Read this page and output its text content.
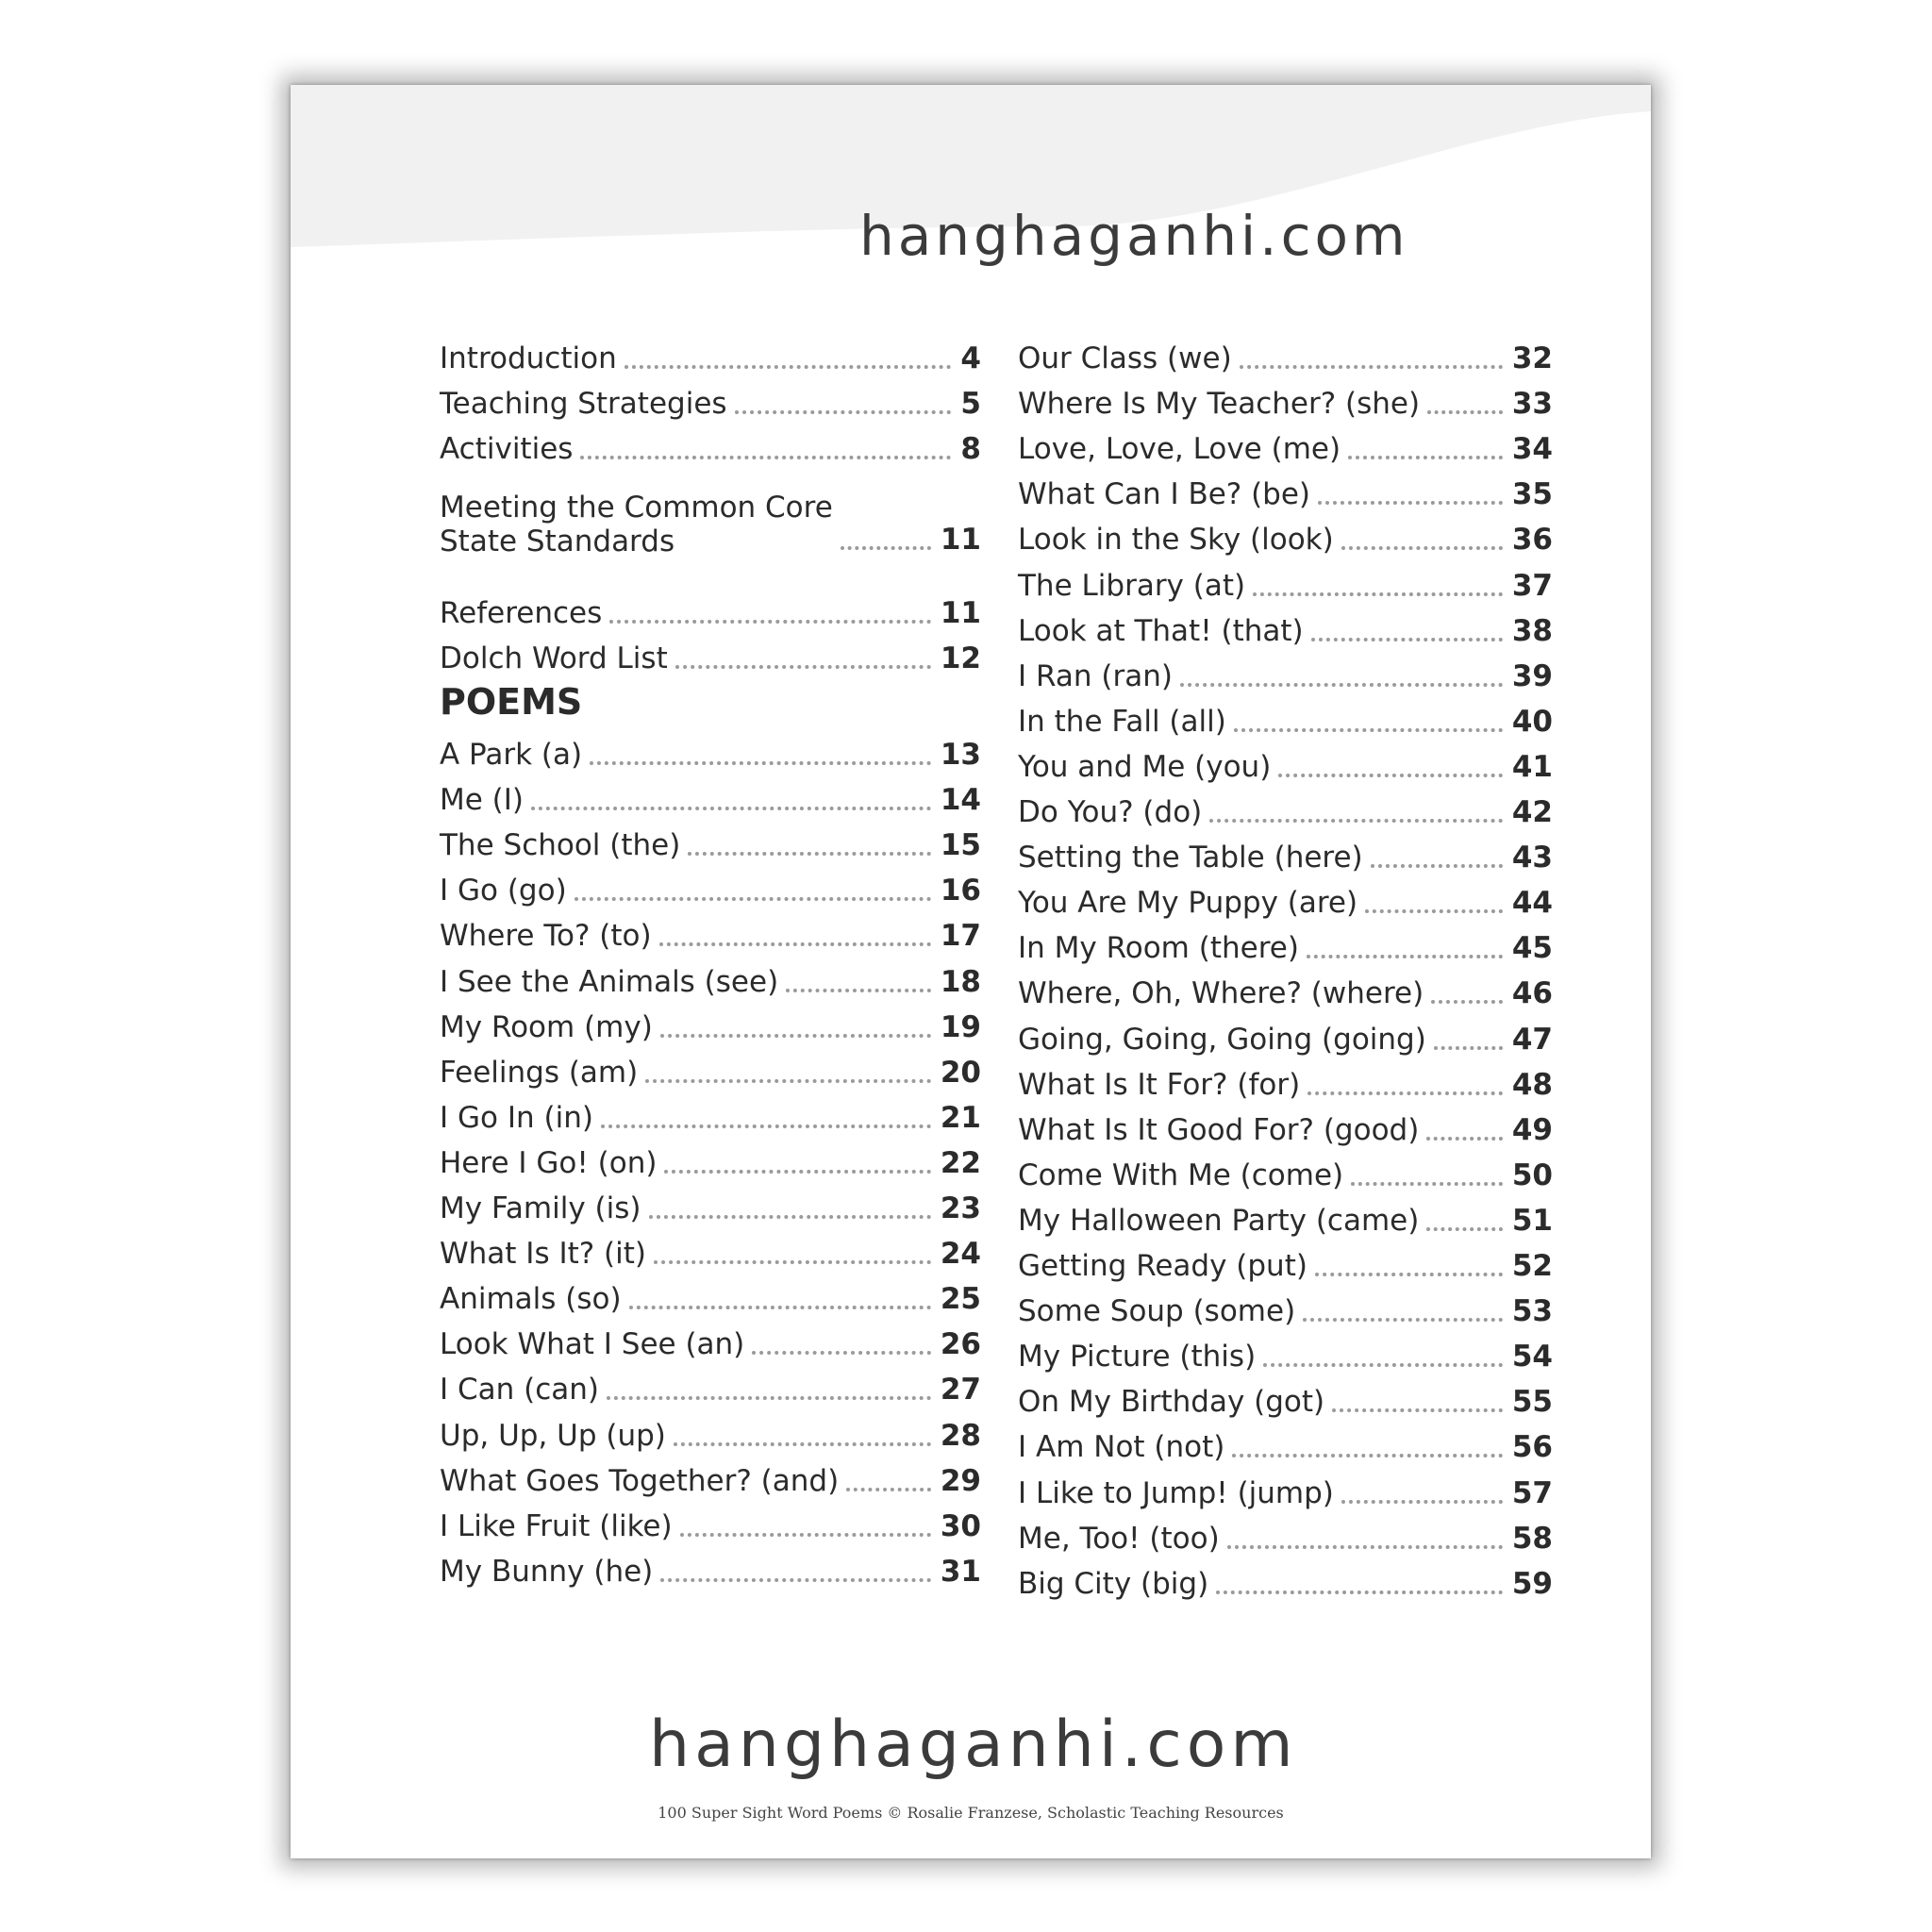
hanghaganhi.com
Introduction	4
Teaching Strategies	5
Activities	8
Meeting the Common Core
State Standards	11
References	11
Dolch Word List	12
A Park (a)	13
Me (I)	14
The School (the)	15
I Go (go)	16
Where To? (to)	17
I See the Animals (see)	18
My Room (my)	19
Feelings (am)	20
I Go In (in)	21
Here I Go! (on)	22
My Family (is)	23
What Is It? (it)	24
Animals (so)	25
Look What I See (an)	26
I Can (can)	27
Up, Up, Up (up)	28
What Goes Together? (and)	29
I Like Fruit (like)	30
My Bunny (he)	31
POEMS
Our Class (we)	32
Where Is My Teacher? (she)	33
Love, Love, Love (me)	34
What Can I Be? (be)	35
Look in the Sky (look)	36
The Library (at)	37
Look at That! (that)	38
I Ran (ran)	39
In the Fall (all)	40
You and Me (you)	41
Do You? (do)	42
Setting the Table (here)	43
You Are My Puppy (are)	44
In My Room (there)	45
Where, Oh, Where? (where)	46
Going, Going, Going (going)	47
What Is It For? (for)	48
What Is It Good For? (good)	49
Come With Me (come)	50
My Halloween Party (came)	51
Getting Ready (put)	52
Some Soup (some)	53
My Picture (this)	54
On My Birthday (got)	55
I Am Not (not)	56
I Like to Jump! (jump)	57
Me, Too! (too)	58
Big City (big)	59
hanghaganhi.com
100 Super Sight Word Poems © Rosalie Franzese, Scholastic Teaching Resources
